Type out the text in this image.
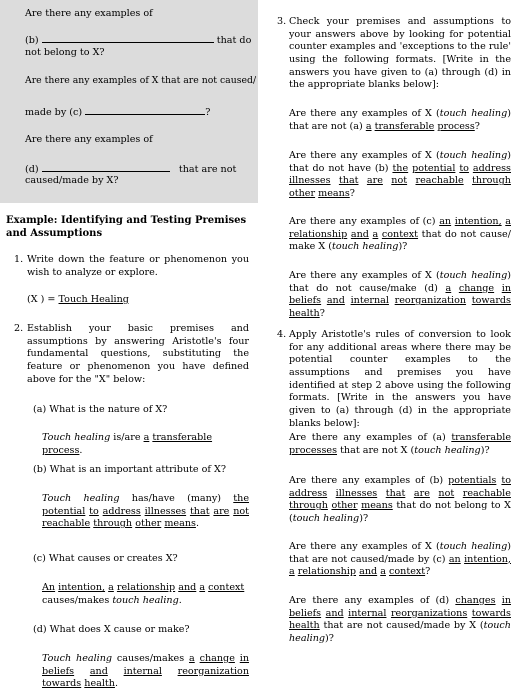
Are there any examples of
(b)	that do
not belong to X?
Are there any examples of X that are not caused/
made by (c)	?
Are there any examples of
(d)	that are not
caused/made by X?
Example: Identifying and Testing Premises and Assumptions
1. Write down the feature or phenomenon you wish to analyze or explore.
(X ) = Touch Healing
2. Establish your basic premises and assumptions by answering Aristotle's four fundamental questions, substituting the feature or phenomenon you have defined above for the "X" below:
(a) What is the nature of X?
Touch healing is/are a transferable process.
(b) What is an important attribute of X?
Touch healing has/have (many) the potential to address illnesses that are not reachable through other means.
(c) What causes or creates X?
An intention, a relationship and a context
causes/makes touch healing.
(d) What does X cause or make?
Touch healing causes/makes a change in beliefs and internal reorganization towards health.
3. Check your premises and assumptions to your answers above by looking for potential counter examples and 'exceptions to the rule' using the following formats. [Write in the answers you have given to (a) through (d) in the appropriate blanks below]:
Are there any examples of X (touch healing) that are not (a) a transferable process?
Are there any examples of X (touch healing) that do not have (b) the potential to address illnesses that are not reachable through other means?
Are there any examples of (c) an intention, a relationship and a context that do not cause/ make X (touch healing)?
Are there any examples of X (touch healing) that do not cause/make (d) a change in beliefs and internal reorganization towards health?
4. Apply Aristotle's rules of conversion to look for any additional areas where there may be potential counter examples to the assumptions and premises you have identified at step 2 above using the following formats. [Write in the answers you have given to (a) through (d) in the appropriate blanks below]:
Are there any examples of (a) transferable processes that are not X (touch healing)?
Are there any examples of (b) potentials to address illnesses that are not reachable through other means that do not belong to X (touch healing)?
Are there any examples of X (touch healing) that are not caused/made by (c) an intention, a relationship and a context?
Are there any examples of (d) changes in beliefs and internal reorganizations towards health that are not caused/made by X (touch healing)?
